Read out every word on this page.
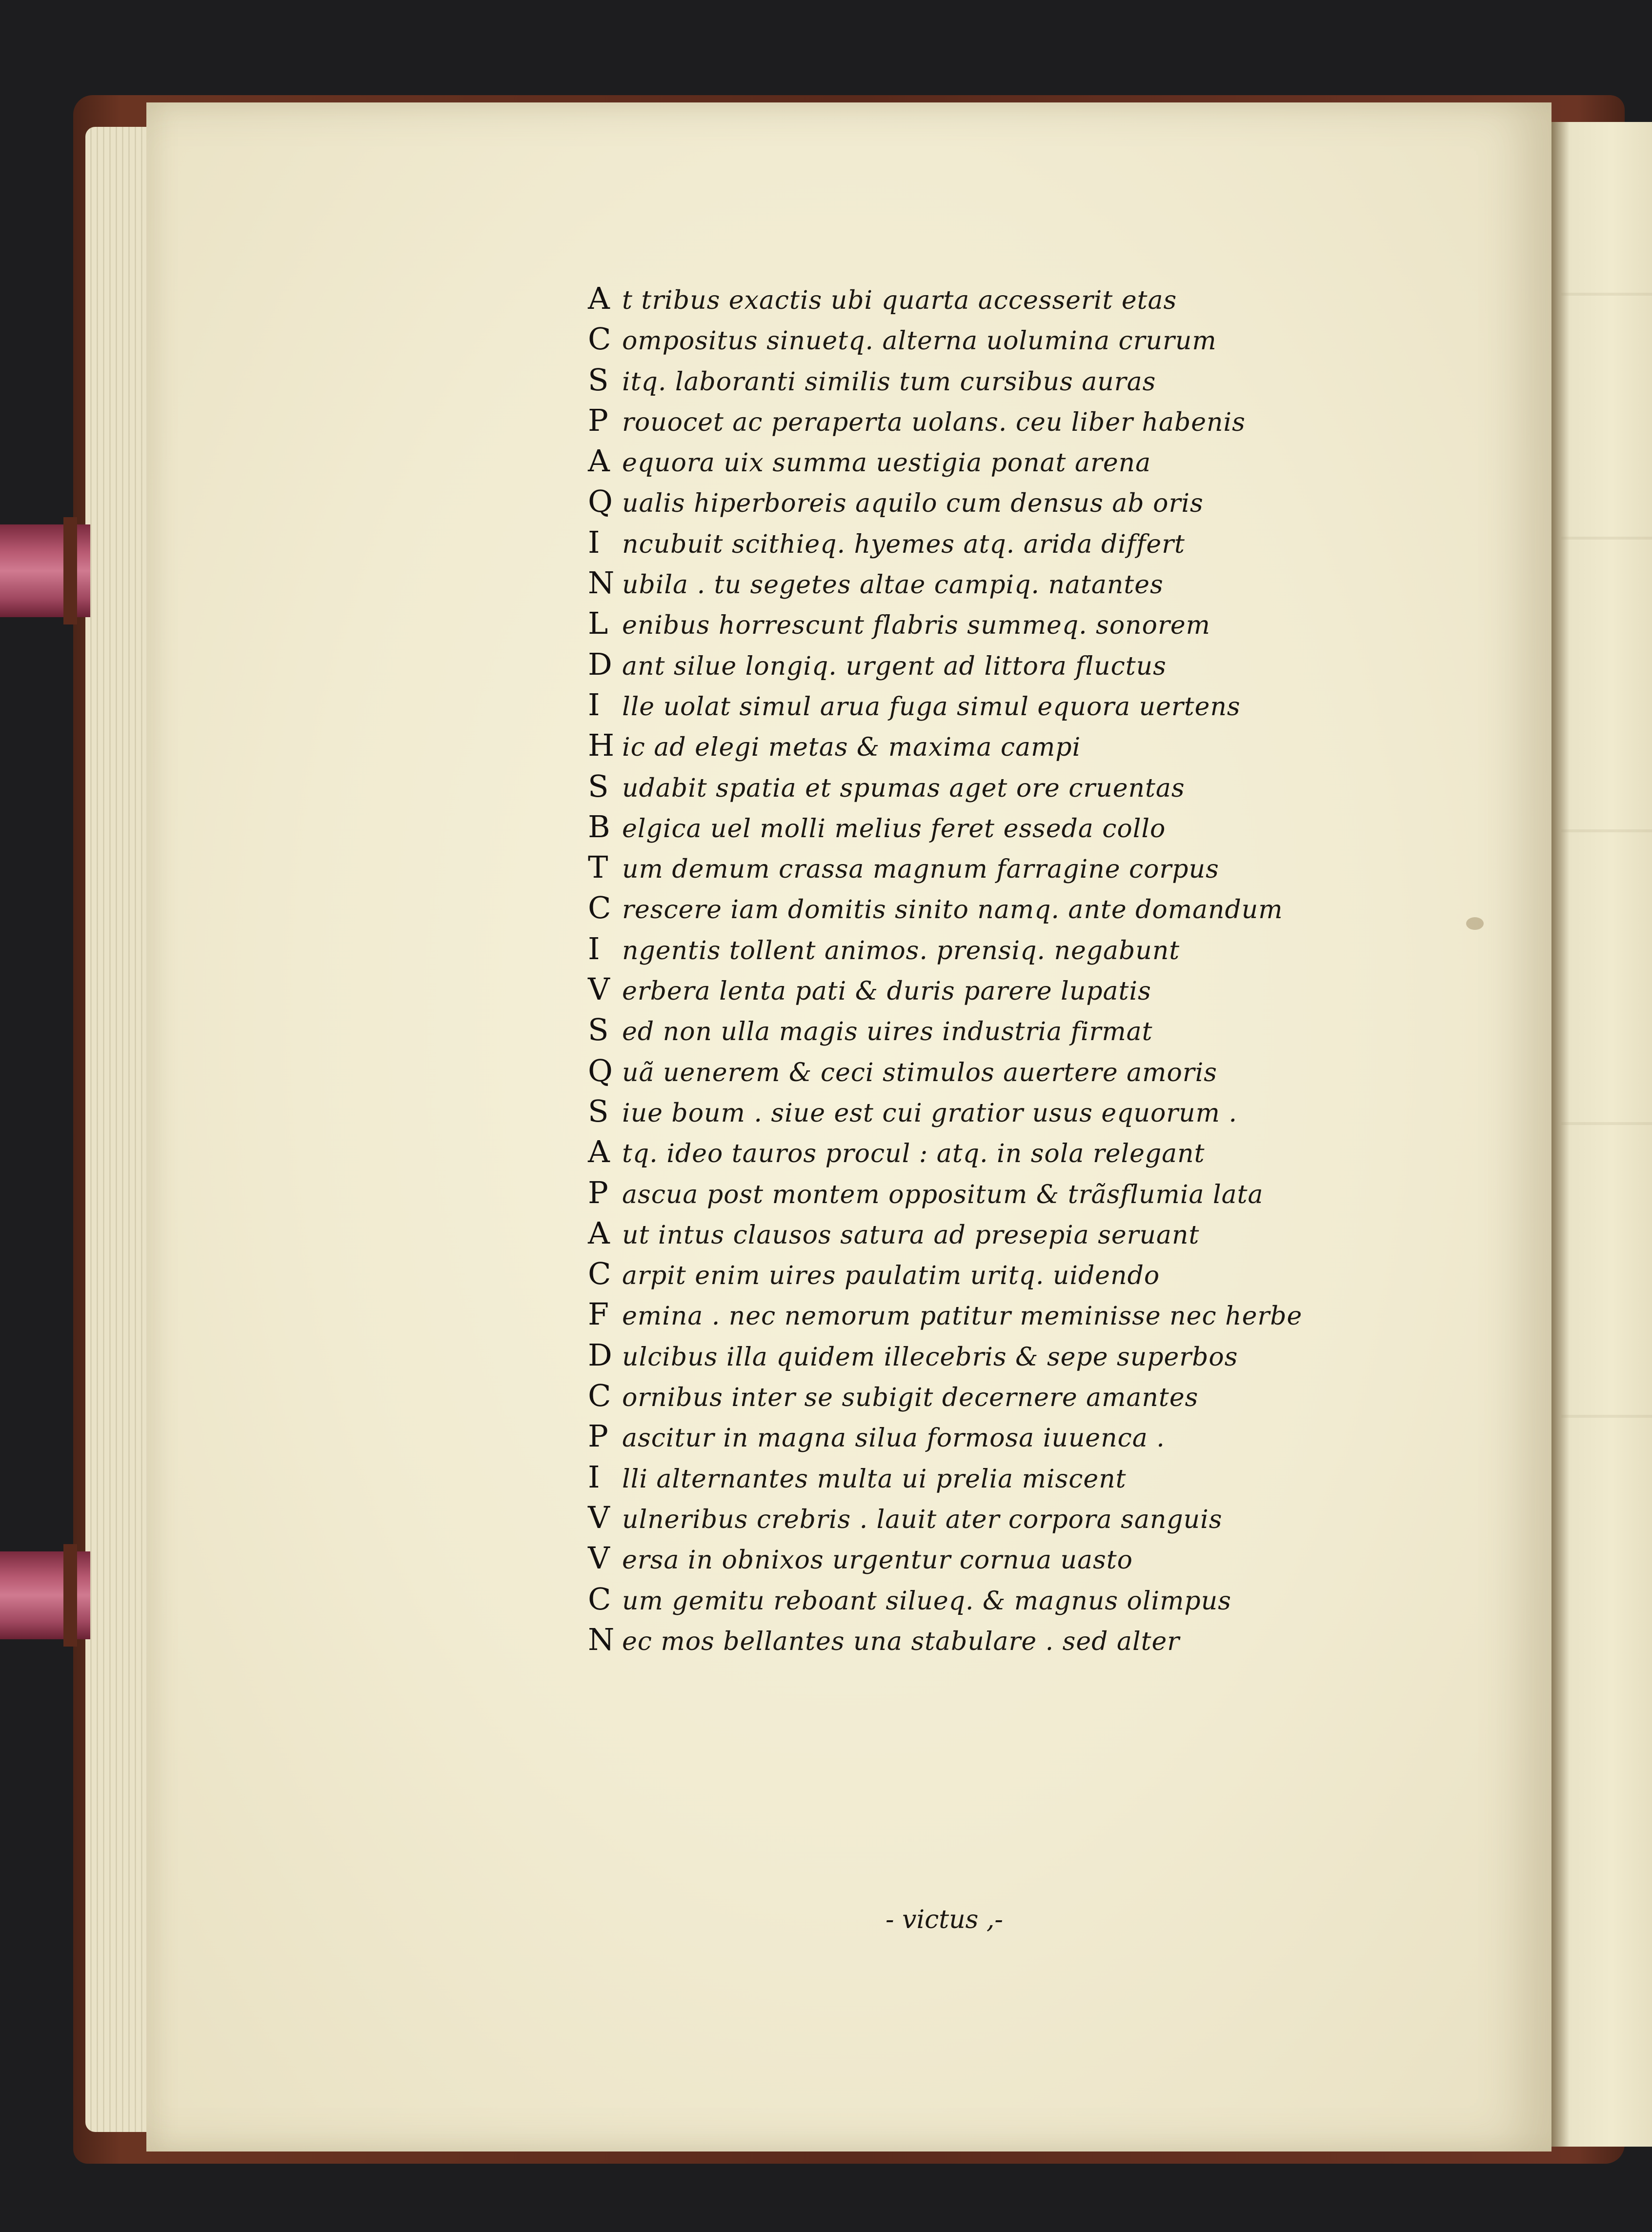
A t tribus exactis ubi quarta accesserit etas
C ompositus sinuetq. alterna uolumina crurum
S itq. laboranti similis tum cursibus auras
P rouocet ac peraperta uolans. ceu liber habenis
A equora uix summa uestigia ponat arena
Q ualis hiperboreis aquilo cum densus ab oris
I ncubuit scithieq. hyemes atq. arida differt
N ubila . tu segetes altae campiq. natantes
L enibus horrescunt flabris summeq. sonorem
D ant silue longiq. urgent ad littora fluctus
I lle uolat simul arua fuga simul equora uertens
H ic ad elegi metas & maxima campi
S udabit spatia et spumas aget ore cruentas
B elgica uel molli melius feret esseda collo
T um demum crassa magnum farragine corpus
C rescere iam domitis sinito namq. ante domandum
I ngentis tollent animos. prensiq. negabunt
V erbera lenta pati & duris parere lupatis
S ed non ulla magis uires industria firmat
Q uã uenerem & ceci stimulos auertere amoris
S iue boum . siue est cui gratior usus equorum .
A tq. ideo tauros procul : atq. in sola relegant
P ascua post montem oppositum & trãsflumia lata
A ut intus clausos satura ad presepia seruant
C arpit enim uires paulatim uritq. uidendo
F emina . nec nemorum patitur meminisse nec herbe
D ulcibus illa quidem illecebris & sepe superbos
C ornibus inter se subigit decernere amantes
P ascitur in magna silua formosa iuuenca .
I lli alternantes multa ui prelia miscent
V ulneribus crebris . lauit ater corpora sanguis
V ersa in obnixos urgentur cornua uasto
C um gemitu reboant silueq. & magnus olimpus
N ec mos bellantes una stabulare . sed alter
- victus ,-
